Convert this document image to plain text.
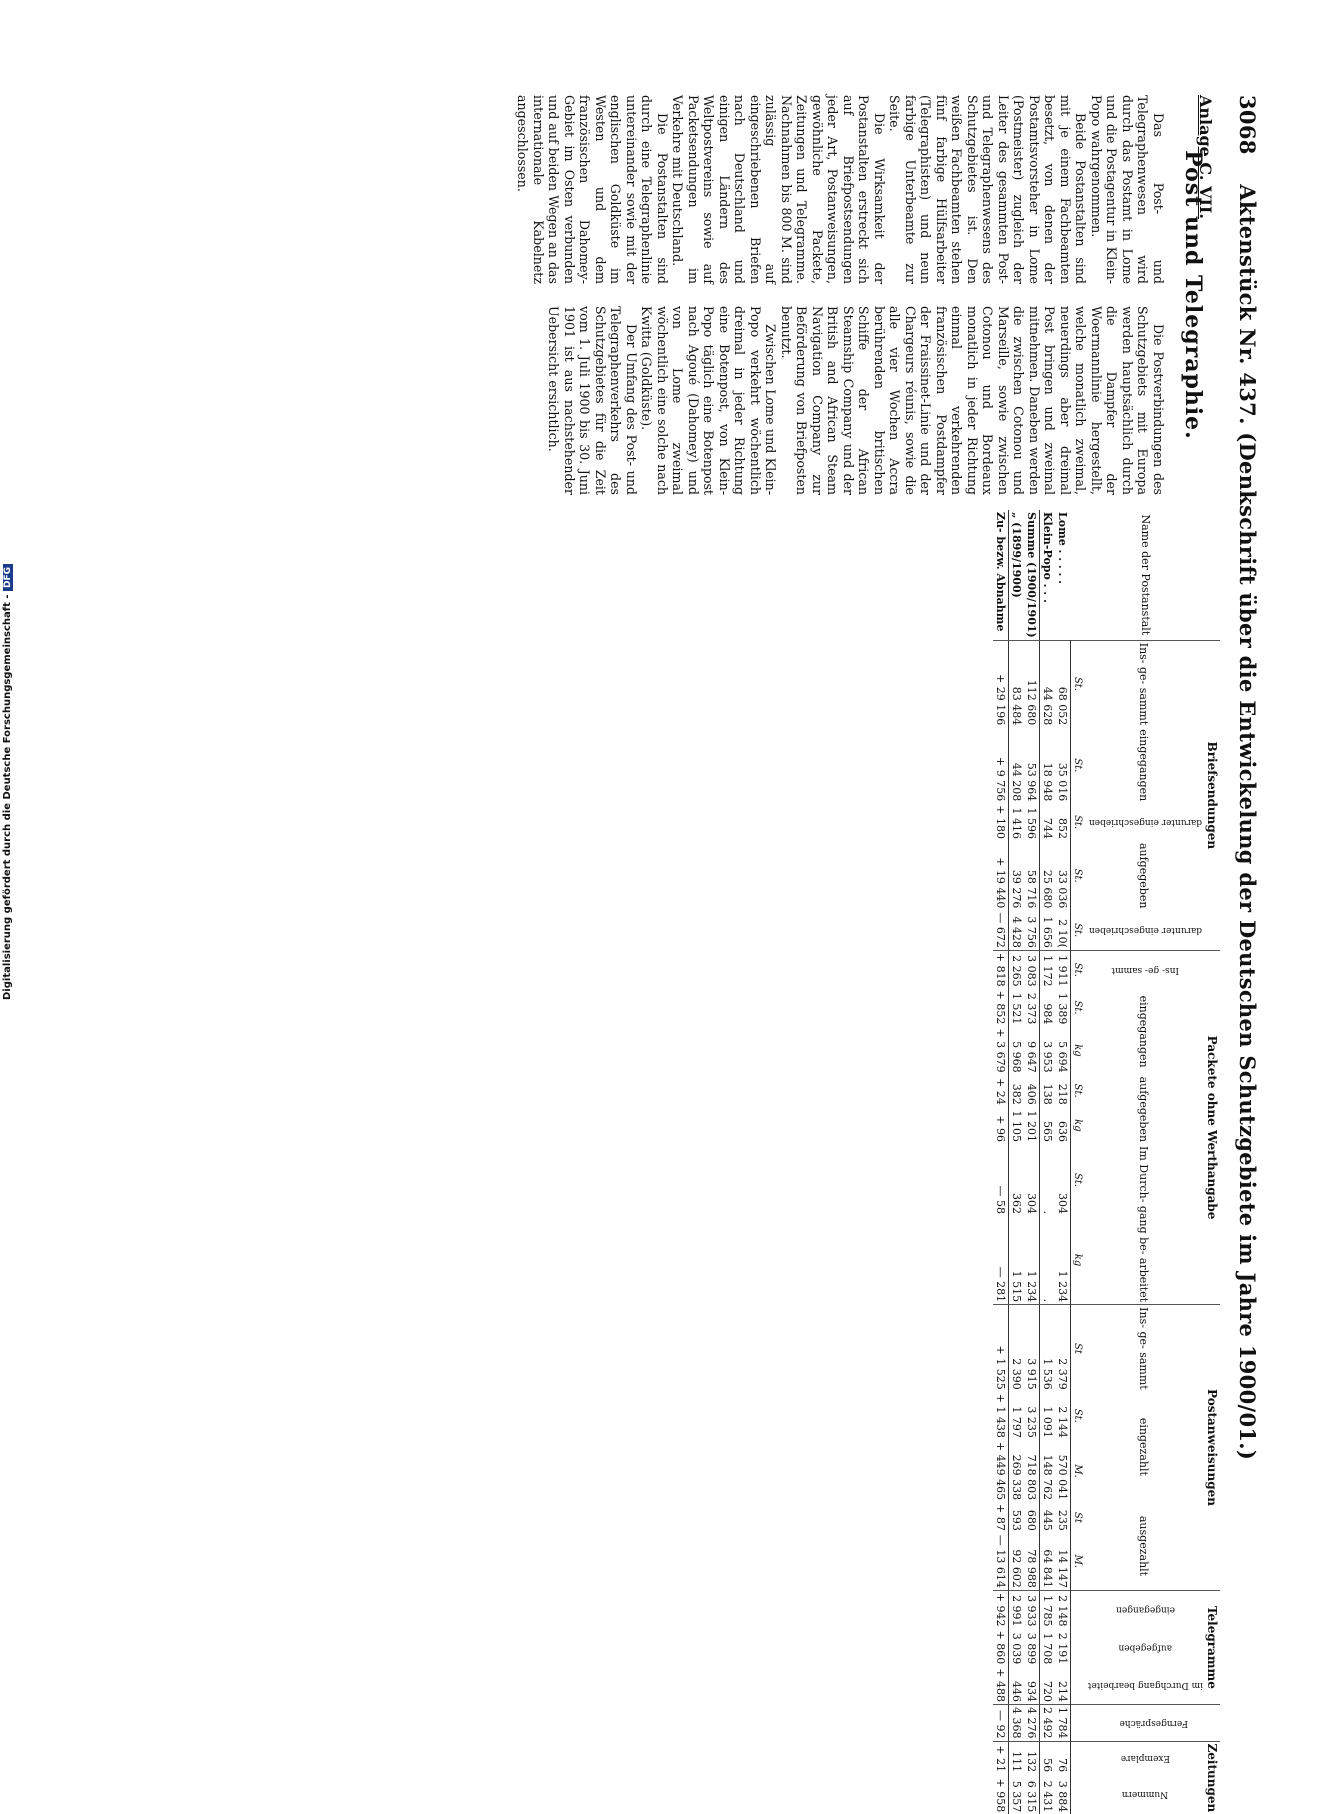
Digitalisierung gefördert durch die Deutsche Forschungsgemeinschaft - DFG
3068 Aktenstück Nr. 437. (Denkschrift über die Entwickelung der Deutschen Schutzgebiete im Jahre 1900/01.)
Anlage C. VII.
Post und Telegraphie.

Das Post- und Telegraphenwesen wird durch das Postamt in Lome und die Postagentur in Klein-Popo wahrgenommen.

Beide Postanstalten sind mit je einem Fachbeamten besetzt, von denen der Postamtsvorsteher in Lome (Postmeister) zugleich der Leiter des gesammten Post- und Telegraphenwesens des Schutzgebietes ist. Den weißen Fachbeamten stehen fünf farbige Hülfsarbeiter (Telegraphisten) und neun farbige Unterbeamte zur Seite.

Die Wirksamkeit der Postanstalten erstreckt sich auf Briefpostsendungen jeder Art, Postanweisungen, gewöhnliche Packete, Zeitungen und Telegramme. Nachnahmen bis 800 M. sind zulässig auf eingeschriebenen Briefen nach Deutschland und einigen Ländern des Weltpostvereins sowie auf Packetsendungen im Verkehre mit Deutschland.

Die Postanstalten sind durch eine Telegraphenlinie untereinander sowie mit der englischen Goldküste im Westen und dem französischen Dahomey-Gebiet im Osten verbunden und auf beiden Wegen an das internationale Kabelnetz angeschlossen.

Die Postverbindungen des Schutzgebiets mit Europa werden hauptsächlich durch die Dampfer der Woermannlinie hergestellt, welche monatlich zweimal, neuerdings aber dreimal Post bringen und zweimal mitnehmen. Daneben werden die zwischen Cotonou und Marseille, sowie zwischen Cotonou und Bordeaux monatlich in jeder Richtung einmal verkehrenden französischen Postdampfer der Fraissinet-Linie und der Chargeurs réunis, sowie die alle vier Wochen Accra berührenden britischen Schiffe der African Steamship Company und der British and African Steam Navigation Company zur Beförderung von Briefposten benutzt.

Zwischen Lome und Klein-Popo verkehrt wöchentlich dreimal in jeder Richtung eine Botenpost, von Klein-Popo täglich eine Botenpost nach Agoué (Dahomey) und von Lome zweimal wöchentlich eine solche nach Kwitta (Goldküste).

Der Umfang des Post- und Telegraphenverkehrs des Schutzgebietes für die Zeit vom 1. Juli 1900 bis 30. Juni 1901 ist aus nachstehender Uebersicht ersichtlich.

Name der Postanstalt	Briefsendungen					Packete ohne Werthangabe							Postanweisungen					Telegramme			Ferngespräche	Zeitungen	
	Ins- ge- sammt	eingegangen	darunter eingeschrieben	aufgegeben	darunter eingeschrieben	Ins- ge- sammt	eingegangen		aufgegeben		Im Durch- gang be- arbeitet		Ins- ge- sammt	eingezahlt		ausgezahlt		eingegangen	aufgegeben	im Durchgang bearbeitet		Exemplare	Nummern
	St.	St.	St.	St.	St.	St.	St.	kg	St.	kg	St.	kg	St	St.	M.	St	M.						
Lome . . . . .	68 052	35 016	852	33 036	2 10(	1 911	1 389	5 694	218	636	304	1 234	2 379	2 144	570 041	235	14 147	2 148	2 191	214	1 784	76	3 884
Klein-Popo . . .	44 628	18 948	744	25 680	1 656	1 172	984	3 953	138	565	.	.	1 536	1 091	148 762	445	64 841	1 785	1 708	720	2 492	56	2 431
Summe (1900/1901)	112 680	53 964	1 596	58 716	3 756	3 083	2 373	9 647	406	1 201	304	1 234	3 915	3 235	718 803	680	78 988	3 933	3 899	934	4 276	132	6 315
„ (1899/1900)	83 484	44 208	1 416	39 276	4 428	2 265	1 521	5 968	382	1 105	362	1 515	2 390	1 797	269 338	593	92 602	2 991	3 039	446	4 368	111	5 357
Zu- bezw. Abnahme	+ 29 196	+ 9 756	+ 180	+ 19 440	— 672	+ 818	+ 852	+ 3 679	+ 24	+ 96	— 58	— 281	+ 1 525	+ 1 438	+ 449 465	+ 87	— 13 614	+ 942	+ 860	+ 488	— 92	+ 21	+ 958
